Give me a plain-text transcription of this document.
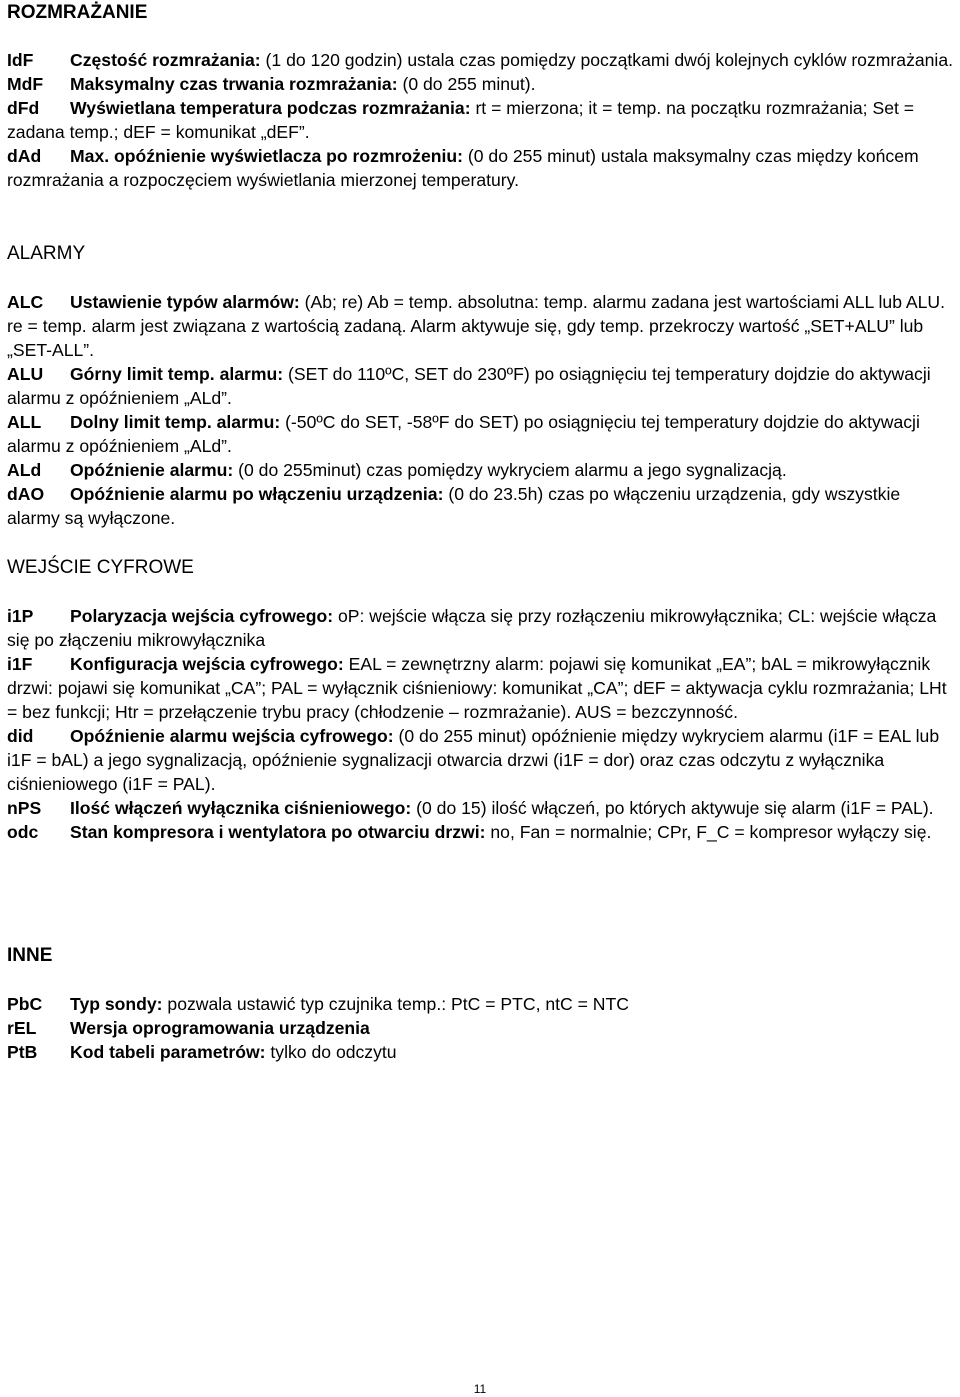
ROZMRAŻANIE

IdF Częstość rozmrażania: (1 do 120 godzin) ustala czas pomiędzy początkami dwój kolejnych cyklów rozmrażania.

MdF Maksymalny czas trwania rozmrażania: (0 do 255 minut).

dFd Wyświetlana temperatura podczas rozmrażania: rt = mierzona; it = temp. na początku rozmrażania; Set = zadana temp.; dEF = komunikat „dEF”.

dAd Max. opóźnienie wyświetlacza po rozmrożeniu: (0 do 255 minut) ustala maksymalny czas między końcem rozmrażania a rozpoczęciem wyświetlania mierzonej temperatury.

ALARMY

ALC Ustawienie typów alarmów: (Ab; re) Ab = temp. absolutna: temp. alarmu zadana jest wartościami ALL lub ALU. re = temp. alarm jest związana z wartością zadaną. Alarm aktywuje się, gdy temp. przekroczy wartość „SET+ALU” lub „SET-ALL”.

ALU Górny limit temp. alarmu: (SET do 110ºC, SET do 230ºF) po osiągnięciu tej temperatury dojdzie do aktywacji alarmu z opóźnieniem „ALd”.

ALL Dolny limit temp. alarmu: (-50ºC do SET, -58ºF do SET) po osiągnięciu tej temperatury dojdzie do aktywacji alarmu z opóźnieniem „ALd”.

ALd Opóźnienie alarmu: (0 do 255minut) czas pomiędzy wykryciem alarmu a jego sygnalizacją.

dAO Opóźnienie alarmu po włączeniu urządzenia: (0 do 23.5h) czas po włączeniu urządzenia, gdy wszystkie alarmy są wyłączone.

WEJŚCIE CYFROWE

i1P Polaryzacja wejścia cyfrowego: oP: wejście włącza się przy rozłączeniu mikrowyłącznika; CL: wejście włącza się po złączeniu mikrowyłącznika

i1F Konfiguracja wejścia cyfrowego: EAL = zewnętrzny alarm: pojawi się komunikat „EA”; bAL = mikrowyłącznik drzwi: pojawi się komunikat „CA”; PAL = wyłącznik ciśnieniowy: komunikat „CA”; dEF = aktywacja cyklu rozmrażania; LHt = bez funkcji; Htr = przełączenie trybu pracy (chłodzenie – rozmrażanie). AUS = bezczynność.

did Opóźnienie alarmu wejścia cyfrowego: (0 do 255 minut) opóźnienie między wykryciem alarmu (i1F = EAL lub i1F = bAL) a jego sygnalizacją, opóźnienie sygnalizacji otwarcia drzwi (i1F = dor) oraz czas odczytu z wyłącznika ciśnieniowego (i1F = PAL).

nPS Ilość włączeń wyłącznika ciśnieniowego: (0 do 15) ilość włączeń, po których aktywuje się alarm (i1F = PAL).

odc Stan kompresora i wentylatora po otwarciu drzwi: no, Fan = normalnie; CPr, F_C = kompresor wyłączy się.

INNE

PbC Typ sondy: pozwala ustawić typ czujnika temp.: PtC = PTC, ntC = NTC

rEL Wersja oprogramowania urządzenia

PtB Kod tabeli parametrów: tylko do odczytu

11
